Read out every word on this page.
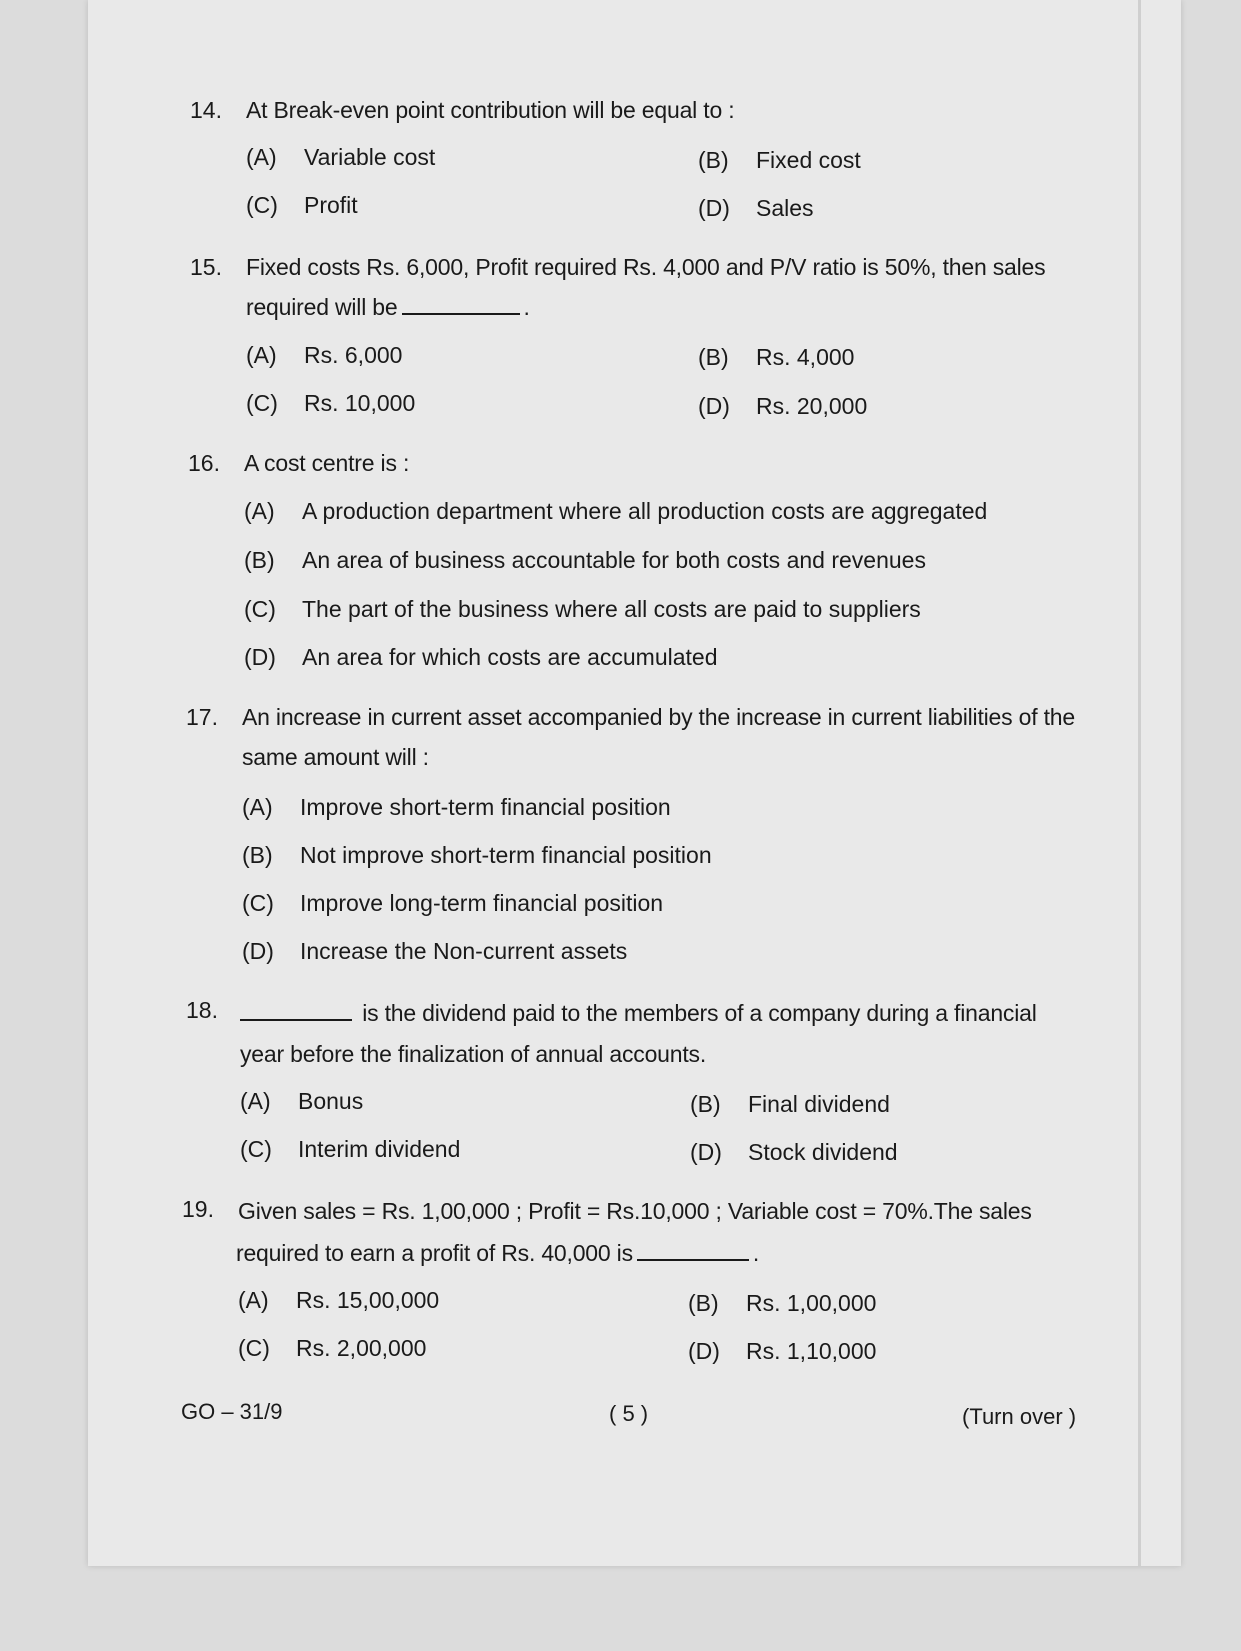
14. At Break-even point contribution will be equal to :
(A) Variable cost	(B) Fixed cost
(C) Profit	(D) Sales
15. Fixed costs Rs. 6,000, Profit required Rs. 4,000 and P/V ratio is 50%, then sales
required will be	.
(A) Rs. 6,000	(B) Rs. 4,000
(C) Rs. 10,000	(D) Rs. 20,000
16. A cost centre is :
(A) A production department where all production costs are aggregated
(B) An area of business accountable for both costs and revenues
(C) The part of the business where all costs are paid to suppliers
(D) An area for which costs are accumulated
17. An increase in current asset accompanied by the increase in current liabilities of the
same amount will :
(A) Improve short-term financial position
(B) Not improve short-term financial position
(C) Improve long-term financial position
(D) Increase the Non-current assets
18.	is the dividend paid to the members of a company during a financial
year before the finalization of annual accounts.
(A) Bonus	(B) Final dividend
(C) Interim dividend	(D) Stock dividend
19. Given sales = Rs. 1,00,000 ; Profit = Rs.10,000 ; Variable cost = 70%.The sales
required to earn a profit of Rs. 40,000 is	.
(A) Rs. 15,00,000	(B) Rs. 1,00,000
(C) Rs. 2,00,000	(D) Rs. 1,10,000
GO – 31/9	( 5 )	(Turn over )
